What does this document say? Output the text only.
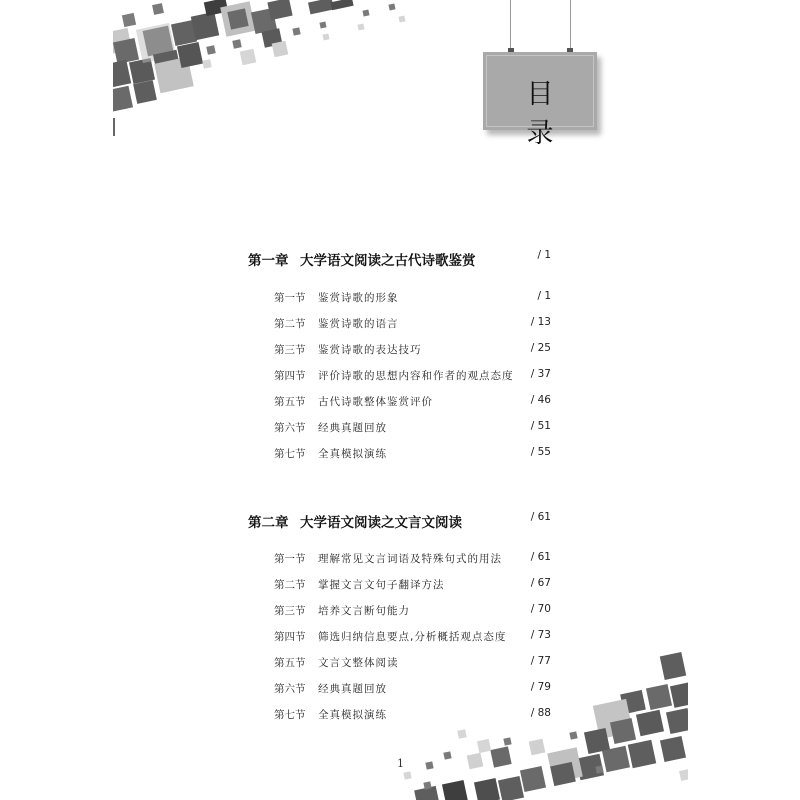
目录
第一章 大学语文阅读之古代诗歌鉴赏	/ 1
第一节 鉴赏诗歌的形象	/ 1
第二节 鉴赏诗歌的语言	/ 13
第三节 鉴赏诗歌的表达技巧	/ 25
第四节 评价诗歌的思想内容和作者的观点态度 / 37
第五节 古代诗歌整体鉴赏评价	/ 46
第六节 经典真题回放	/ 51
第七节 全真模拟演练	/ 55
第二章 大学语文阅读之文言文阅读	/ 61
第一节 理解常见文言词语及特殊句式的用法	/ 61
第二节 掌握文言文句子翻译方法	/ 67
第三节 培养文言断句能力	/ 70
第四节 筛选归纳信息要点,分析概括观点态度 / 73
第五节 文言文整体阅读	/ 77
第六节 经典真题回放	/ 79
第七节 全真模拟演练	/ 88
1
